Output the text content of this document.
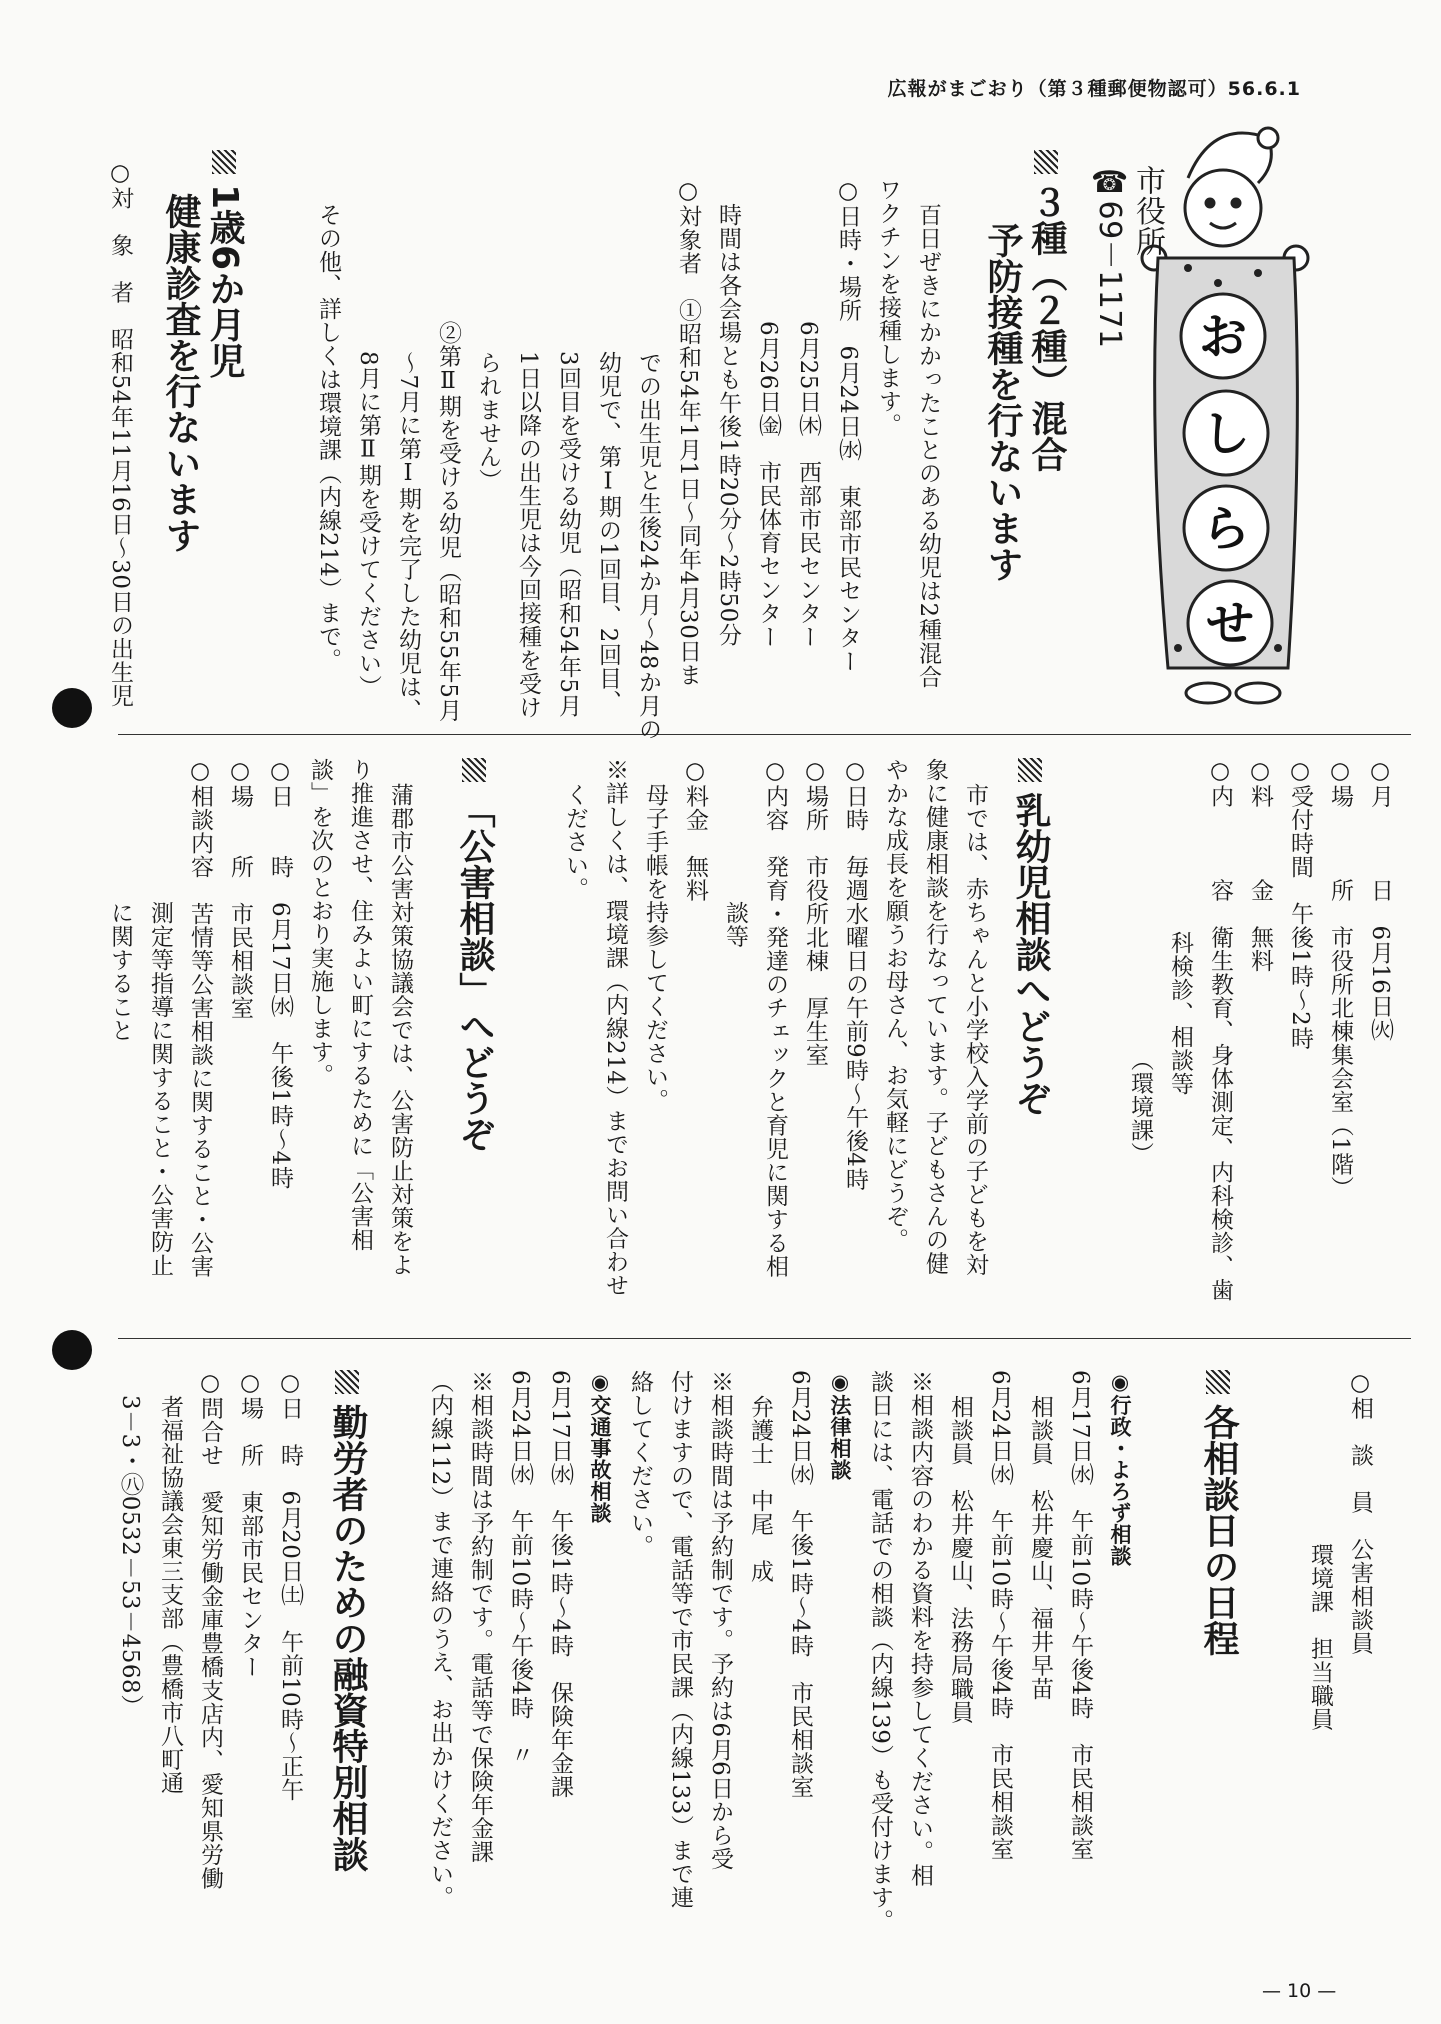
広報がまごおり（第３種郵便物認可）56.6.1
— 10 —
お
し
ら
せ
市役所
☎69－1171
３種（２種）混合
予防接種を行ないます
百日ぜきにかかったことのある幼児は2種混合
ワクチンを接種します。
○日時・場所　6月24日㈬　東部市民センター
6月25日㈭　西部市民センター
6月26日㈮　市民体育センター
時間は各会場とも午後1時20分～2時50分
○対象者　①昭和54年1月1日～同年4月30日ま
での出生児と生後24か月～48か月の
幼児で、第Ⅰ期の1回目、2回目、
3回目を受ける幼児（昭和54年5月
1日以降の出生児は今回接種を受け
られません）
②第Ⅱ期を受ける幼児（昭和55年5月
～7月に第Ⅰ期を完了した幼児は、
8月に第Ⅱ期を受けてください）
その他、詳しくは環境課（内線214）まで。
1歳6か月児
健康診査を行ないます
○対　象　者　昭和54年11月16日～30日の出生児
○月　　　日　6月16日㈫
○場　　　所　市役所北棟集会室（1階）
○受付時間　午後1時～2時
○料　　　金　無料
○内　　　容　衛生教育、身体測定、内科検診、歯
科検診、相談等
（環境課）
乳幼児相談へどうぞ
市では、赤ちゃんと小学校入学前の子どもを対
象に健康相談を行なっています。子どもさんの健
やかな成長を願うお母さん、お気軽にどうぞ。
○日時　毎週水曜日の午前9時～午後4時
○場所　市役所北棟　厚生室
○内容　発育・発達のチェックと育児に関する相
談等
○料金　無料
母子手帳を持参してください。
※詳しくは、環境課（内線214）までお問い合わせ
ください。
「公害相談」へどうぞ
蒲郡市公害対策協議会では、公害防止対策をよ
り推進させ、住みよい町にするために「公害相
談」を次のとおり実施します。
○日　　時　6月17日㈬　午後1時～4時
○場　　所　市民相談室
○相談内容　苦情等公害相談に関すること・公害
測定等指導に関すること・公害防止
に関すること
○相　談　員　公害相談員
環境課　担当職員
各相談日の日程
◉行政・よろず相談
6月17日㈬　午前10時～午後4時　市民相談室
相談員　松井慶山、福井早苗
6月24日㈬　午前10時～午後4時　市民相談室
相談員　松井慶山、法務局職員
※相談内容のわかる資料を持参してください。相
談日には、電話での相談（内線139）も受付けます。
◉法律相談
6月24日㈬　午後1時～4時　市民相談室
弁護士　中尾　成
※相談時間は予約制です。予約は6月6日から受
付けますので、電話等で市民課（内線133）まで連
絡してください。
◉交通事故相談
6月17日㈬　午後1時～4時　保険年金課
6月24日㈬　午前10時～午後4時　〃
※相談時間は予約制です。電話等で保険年金課
（内線112）まで連絡のうえ、お出かけください。
勤労者のための融資特別相談
○日　時　6月20日㈯　午前10時～正午
○場　所　東部市民センター
○問合せ　愛知労働金庫豊橋支店内、愛知県労働
者福祉協議会東三支部（豊橋市八町通
3－3・㊇0532－53－4568）
